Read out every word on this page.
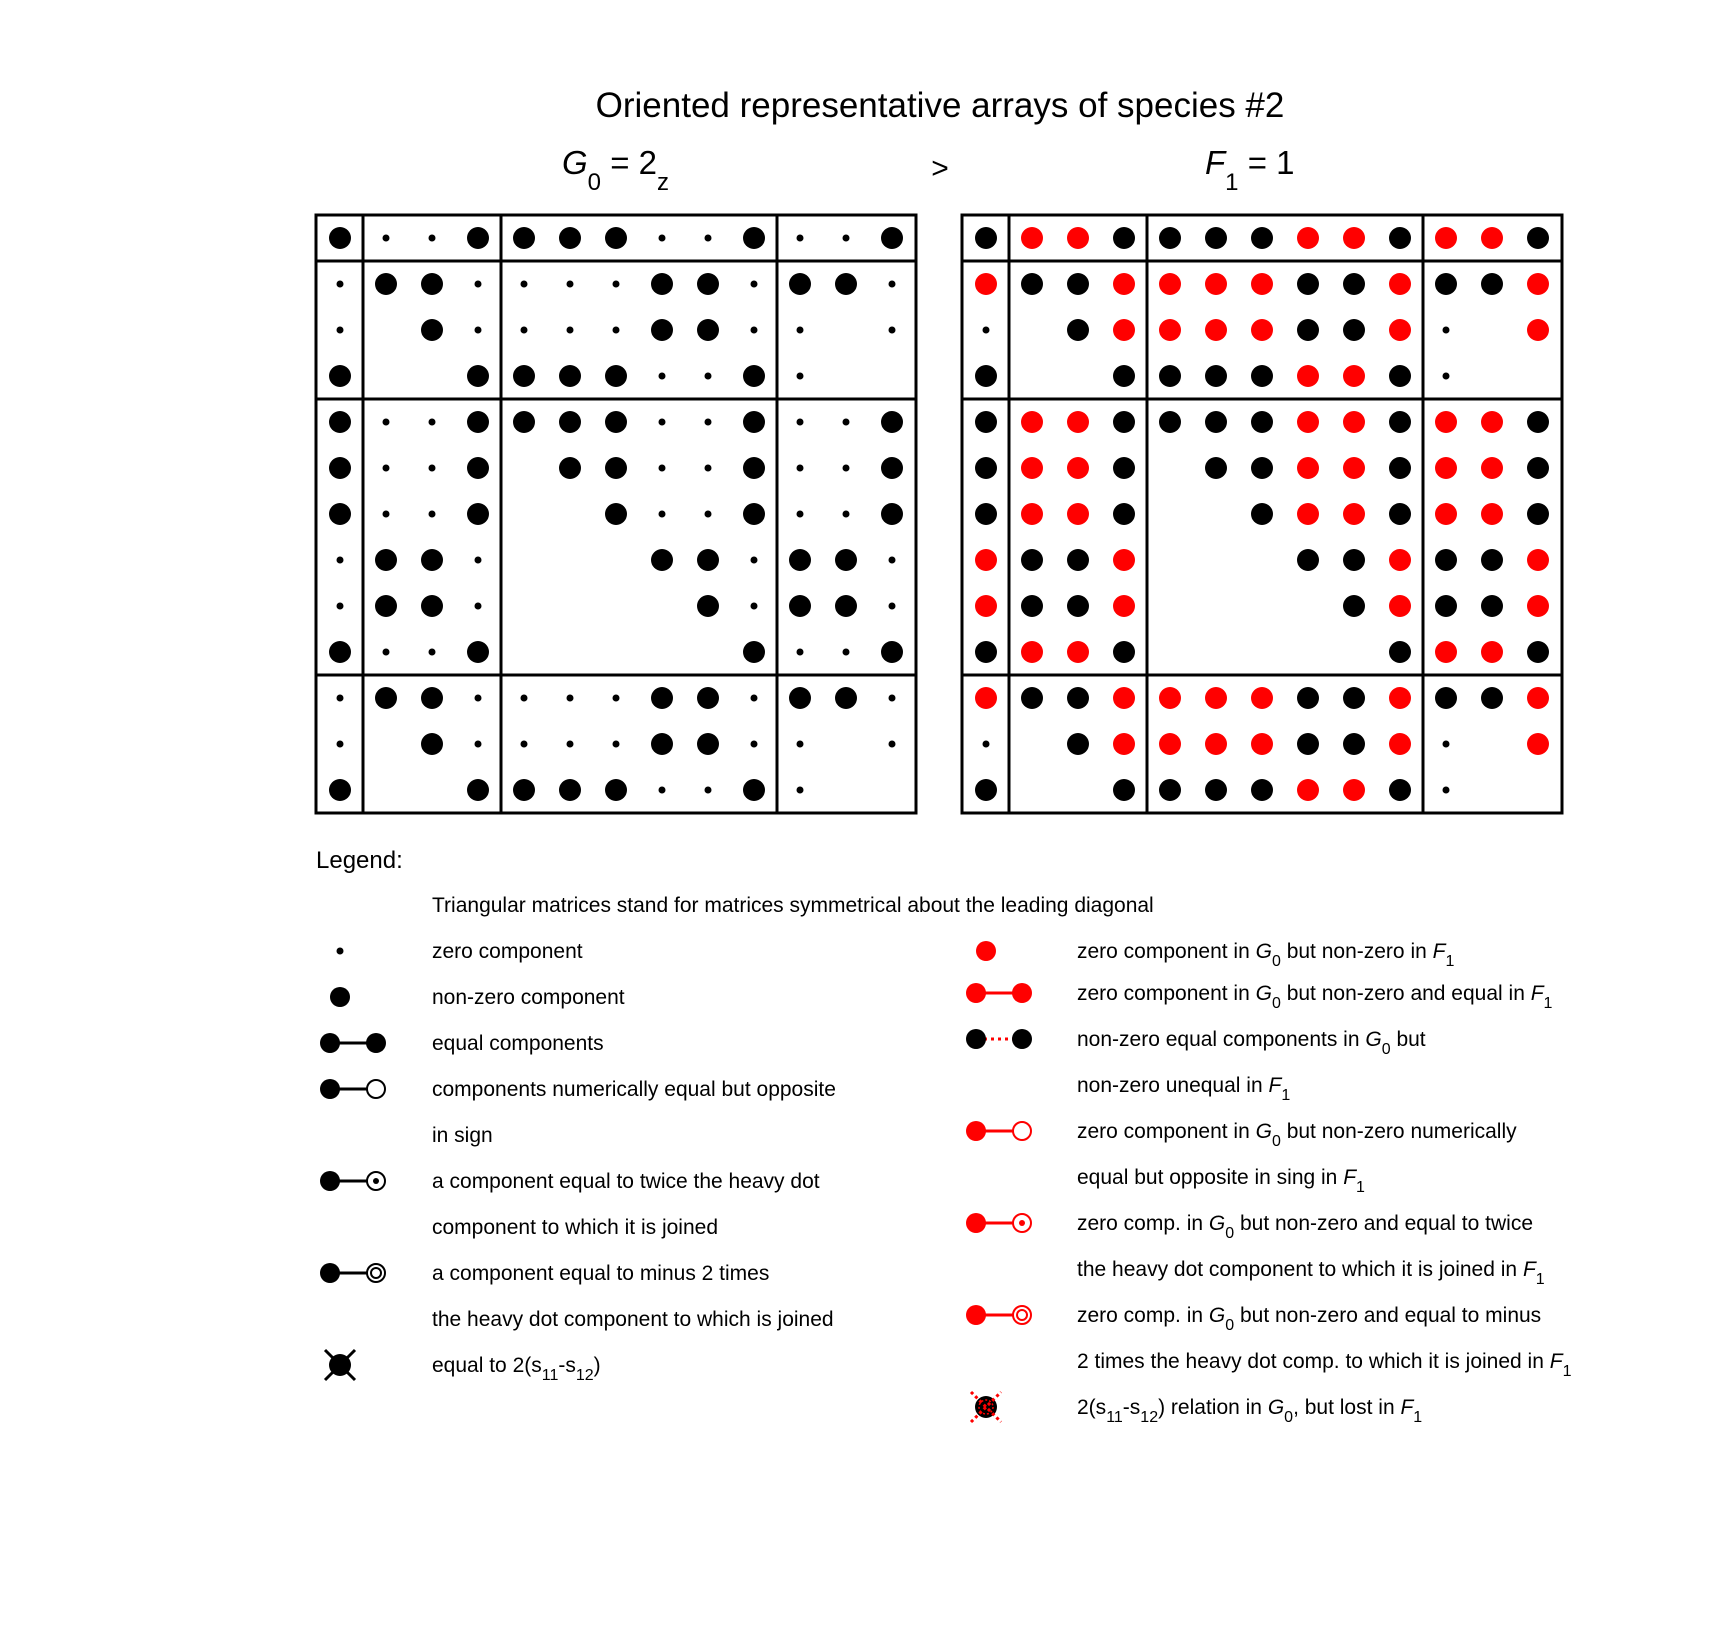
Oriented representative arrays of species #2
$G_0 = 2_z$	>	$F_1 = 1$
Legend:
Triangular matrices stand for matrices symmetrical about the leading diagonal
zero component
non-zero component
equal components
components numerically equal but opposite
in sign
a component equal to twice the heavy dot
component to which it is joined
a component equal to minus 2 times
the heavy dot component to which is joined
equal to $2(s_{11}-s_{12})$
zero component in $G_0$ but non-zero in $F_1$
zero component in $G_0$ but non-zero and equal in $F_1$
non-zero equal components in $G_0$ but
non-zero unequal in $F_1$
zero component in $G_0$ but non-zero numerically
equal but opposite in sing in $F_1$
zero comp. in $G_0$ but non-zero and equal to twice
the heavy dot component to which it is joined in $F_1$
zero comp. in $G_0$ but non-zero and equal to minus
2 times the heavy dot comp. to which it is joined in $F_1$
$2(s_{11}-s_{12})$ relation in $G_0$, but lost in $F_1$
